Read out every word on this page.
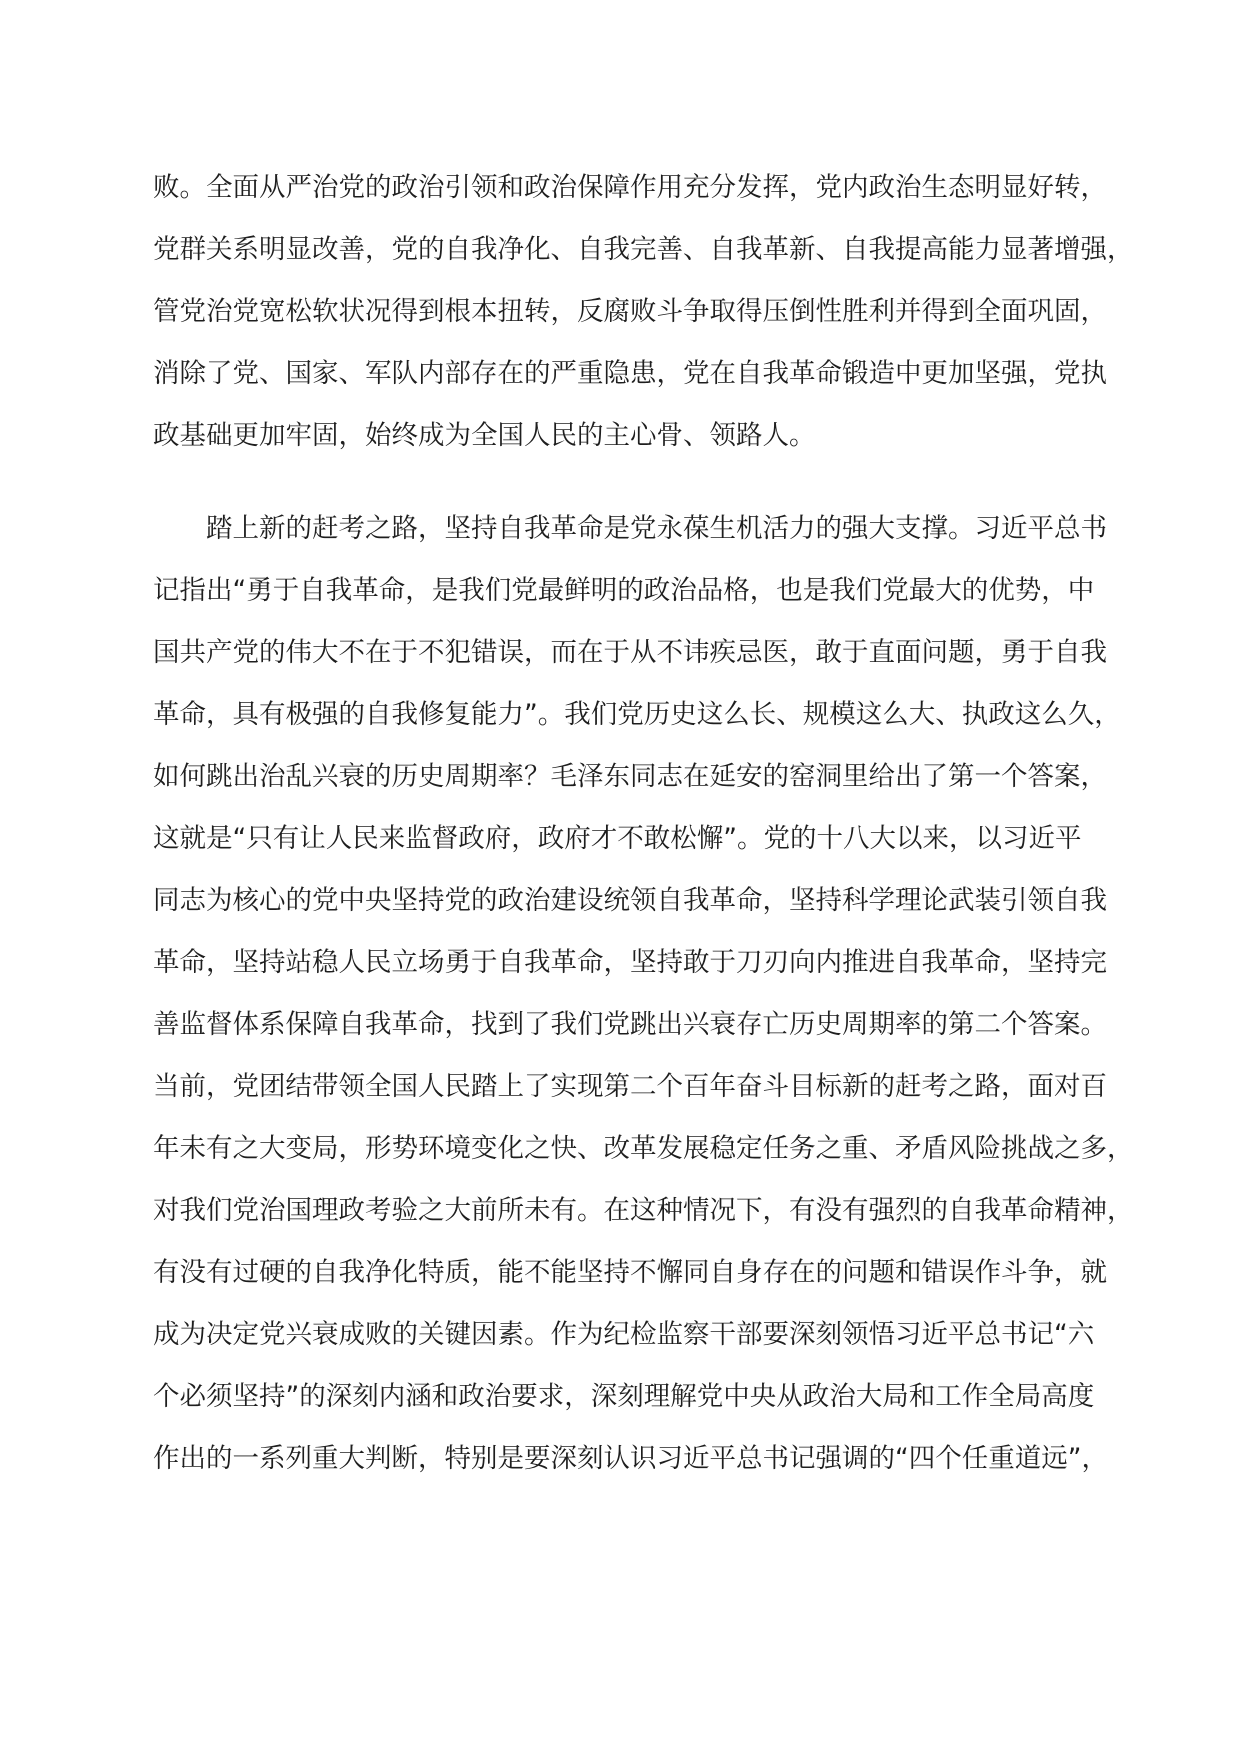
败。全面从严治党的政治引领和政治保障作用充分发挥，党内政治生态明显好转，
党群关系明显改善，党的自我净化、自我完善、自我革新、自我提高能力显著增强，
管党治党宽松软状况得到根本扭转，反腐败斗争取得压倒性胜利并得到全面巩固，
消除了党、国家、军队内部存在的严重隐患，党在自我革命锻造中更加坚强，党执
政基础更加牢固，始终成为全国人民的主心骨、领路人。
踏上新的赶考之路，坚持自我革命是党永葆生机活力的强大支撑。习近平总书
记指出“勇于自我革命，是我们党最鲜明的政治品格，也是我们党最大的优势，中
国共产党的伟大不在于不犯错误，而在于从不讳疾忌医，敢于直面问题，勇于自我
革命，具有极强的自我修复能力”。我们党历史这么长、规模这么大、执政这么久，
如何跳出治乱兴衰的历史周期率？毛泽东同志在延安的窑洞里给出了第一个答案，
这就是“只有让人民来监督政府，政府才不敢松懈”。党的十八大以来，以习近平
同志为核心的党中央坚持党的政治建设统领自我革命，坚持科学理论武装引领自我
革命，坚持站稳人民立场勇于自我革命，坚持敢于刀刃向内推进自我革命，坚持完
善监督体系保障自我革命，找到了我们党跳出兴衰存亡历史周期率的第二个答案。
当前，党团结带领全国人民踏上了实现第二个百年奋斗目标新的赶考之路，面对百
年未有之大变局，形势环境变化之快、改革发展稳定任务之重、矛盾风险挑战之多，
对我们党治国理政考验之大前所未有。在这种情况下，有没有强烈的自我革命精神，
有没有过硬的自我净化特质，能不能坚持不懈同自身存在的问题和错误作斗争，就
成为决定党兴衰成败的关键因素。作为纪检监察干部要深刻领悟习近平总书记“六
个必须坚持”的深刻内涵和政治要求，深刻理解党中央从政治大局和工作全局高度
作出的一系列重大判断，特别是要深刻认识习近平总书记强调的“四个任重道远”，
